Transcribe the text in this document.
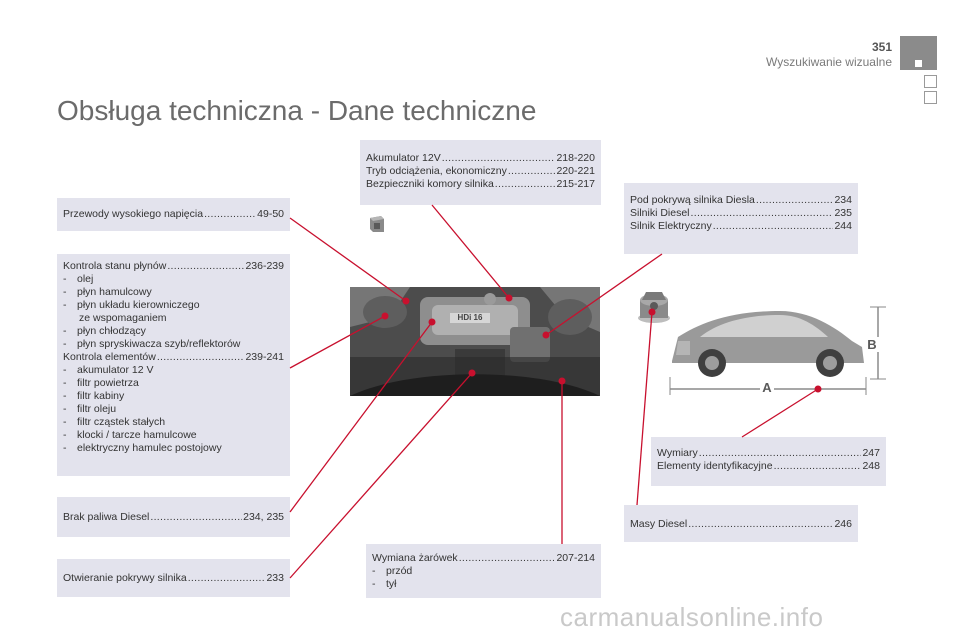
351
Wyszukiwanie wizualne
Obsługa techniczna - Dane techniczne
Przewody wysokiego napięcia .....	49-50
Kontrola stanu płynów .....	236-239
-	olej
-	płyn hamulcowy
-	płyn układu kierowniczego
ze wspomaganiem
-	płyn chłodzący
-	płyn spryskiwacza szyb/reflektorów
Kontrola elementów .....	239-241
-	akumulator 12 V
-	filtr powietrza
-	filtr kabiny
-	filtr oleju
-	filtr cząstek stałych
-	klocki / tarcze hamulcowe
-	elektryczny hamulec postojowy
Brak paliwa Diesel .....	234, 235
Otwieranie pokrywy silnika .....	233
Akumulator 12V .....	218-220
Tryb odciążenia, ekonomiczny .....	220-221
Bezpieczniki komory silnika .....	215-217
Wymiana żarówek .....	207-214
-	przód
-	tył
Pod pokrywą silnika Diesla .....	234
Silniki Diesel .....	235
Silnik Elektryczny .....	244
Wymiary .....	247
Elementy identyfikacyjne .....	248
Masy Diesel .....	246
HDi 16
A
B
carmanualsonline.info
